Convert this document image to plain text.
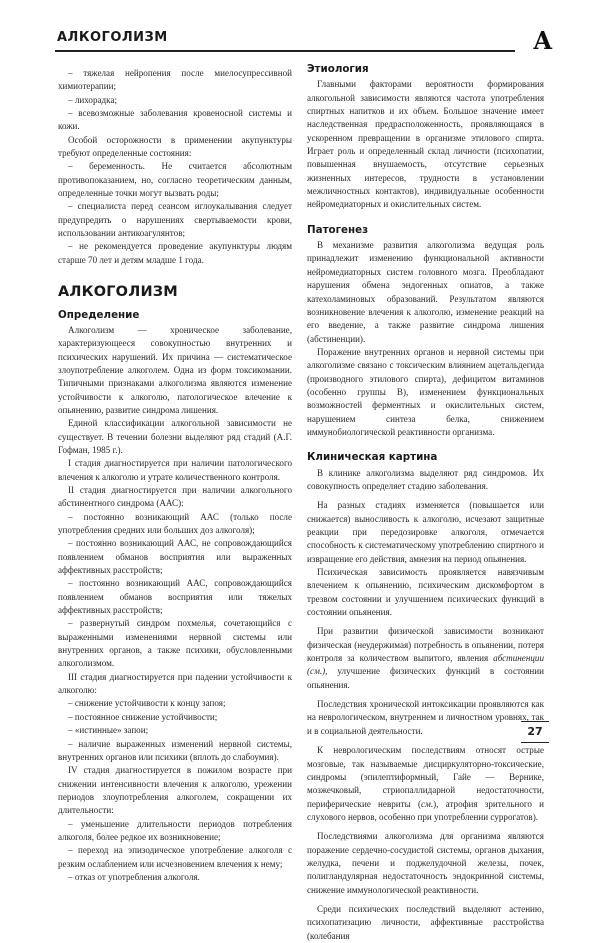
АЛКОГОЛИЗМ	А

– тяжелая нейропения после миелосупрессивной химиотерапии;

– лихорадка;

– всевозможные заболевания кровеносной системы и кожи.

Особой осторожности в применении акупунктуры требуют определенные состояния:

– беременность. Не считается абсолютным противопоказанием, но, согласно теоретическим данным, определенные точки могут вызвать роды;

– специалиста перед сеансом иглоукалывания следует предупредить о нарушениях свертываемости крови, использовании антикоагулянтов;

– не рекомендуется проведение акупунктуры людям старше 70 лет и детям младше 1 года.

АЛКОГОЛИЗМ
Определение

Алкоголизм — хроническое заболевание, характеризующееся совокупностью внутренних и психических нарушений. Их причина — систематическое злоупотребление алкоголем. Одна из форм токсикомании. Типичными признаками алкоголизма являются изменение устойчивости к алкоголю, патологическое влечение к опьянению, развитие синдрома лишения.

Единой классификации алкогольной зависимости не существует. В течении болезни выделяют ряд стадий (А.Г. Гофман, 1985 г.).

I стадия диагностируется при наличии патологического влечения к алкоголю и утрате количественного контроля.

II стадия диагностируется при наличии алкогольного абстинентного синдрома (ААС):

– постоянно возникающий ААС (только после употребления средних или больших доз алкоголя);

– постоянно возникающий ААС, не сопровождающийся появлением обманов восприятия или выраженных аффективных расстройств;

– постоянно возникающий ААС, сопровождающийся появлением обманов восприятия или тяжелых аффективных расстройств;

– развернутый синдром похмелья, сочетающийся с выраженными изменениями нервной системы или внутренних органов, а также психики, обусловленными алкоголизмом.

III стадия диагностируется при падении устойчивости к алкоголю:

– снижение устойчивости к концу запоя;

– постоянное снижение устойчивости;

– «истинные» запои;

– наличие выраженных изменений нервной системы, внутренних органов или психики (вплоть до слабоумия).

IV стадия диагностируется в пожилом возрасте при снижении интенсивности влечения к алкоголю, урежении периодов злоупотребления алкоголем, сокращении их длительности:

– уменьшение длительности периодов потребления алкоголя, более редкое их возникновение;

– переход на эпизодическое употребление алкоголя с резким ослаблением или исчезновением влечения к нему;

– отказ от употребления алкоголя.

Этиология

Главными факторами вероятности формирования алкогольной зависимости являются частота употребления спиртных напитков и их объем. Большое значение имеет наследственная предрасположенность, проявляющаяся в ускоренном превращении в организме этилового спирта. Играет роль и определенный склад личности (психопатии, повышенная внушаемость, отсутствие серьезных жизненных интересов, трудности в установлении межличностных контактов), индивидуальные особенности нейромедиаторных и окислительных систем.

Патогенез

В механизме развития алкоголизма ведущая роль принадлежит изменению функциональной активности нейромедиаторных систем головного мозга. Преобладают нарушения обмена эндогенных опиатов, а также катехоламиновых образований. Результатом являются возникновение влечения к алкоголю, изменение реакций на его введение, а также развитие синдрома лишения (абстиненции).

Поражение внутренних органов и нервной системы при алкоголизме связано с токсическим влиянием ацетальдегида (производного этилового спирта), дефицитом витаминов (особенно группы В), изменением функциональных возможностей ферментных и окислительных систем, нарушением синтеза белка, снижением иммунобиологической реактивности организма.

Клиническая картина

В клинике алкоголизма выделяют ряд синдромов. Их совокупность определяет стадию заболевания.

На разных стадиях изменяется (повышается или снижается) выносливость к алкоголю, исчезают защитные реакции при передозировке алкоголя, отмечается способность к систематическому употреблению спиртного и извращение его действия, амнезия на период опьянения.

Психическая зависимость проявляется навязчивым влечением к опьянению, психическим дискомфортом в трезвом состоянии и улучшением психических функций в состоянии опьянения.

При развитии физической зависимости возникают физическая (неудержимая) потребность в опьянении, потеря контроля за количеством выпитого, явления абстиненции (см.), улучшение физических функций в состоянии опьянения.

Последствия хронической интоксикации проявляются как на неврологическом, внутреннем и личностном уровнях, так и в социальной деятельности.

К неврологическим последствиям относят острые мозговые, так называемые дисциркуляторно-токсические, синдромы (эпилептиформный, Гайе — Вернике, мозжечковый, стриопаллидарной недостаточности, периферические невриты (см.), атрофия зрительного и слухового нервов, особенно при употреблении суррогатов).

Последствиями алкоголизма для организма являются поражение сердечно-сосудистой системы, органов дыхания, желудка, печени и поджелудочной железы, почек, полигландулярная недостаточность эндокринной системы, снижение иммунологической реактивности.

Среди психических последствий выделяют астению, психопатизацию личности, аффективные расстройства (колебания

27
